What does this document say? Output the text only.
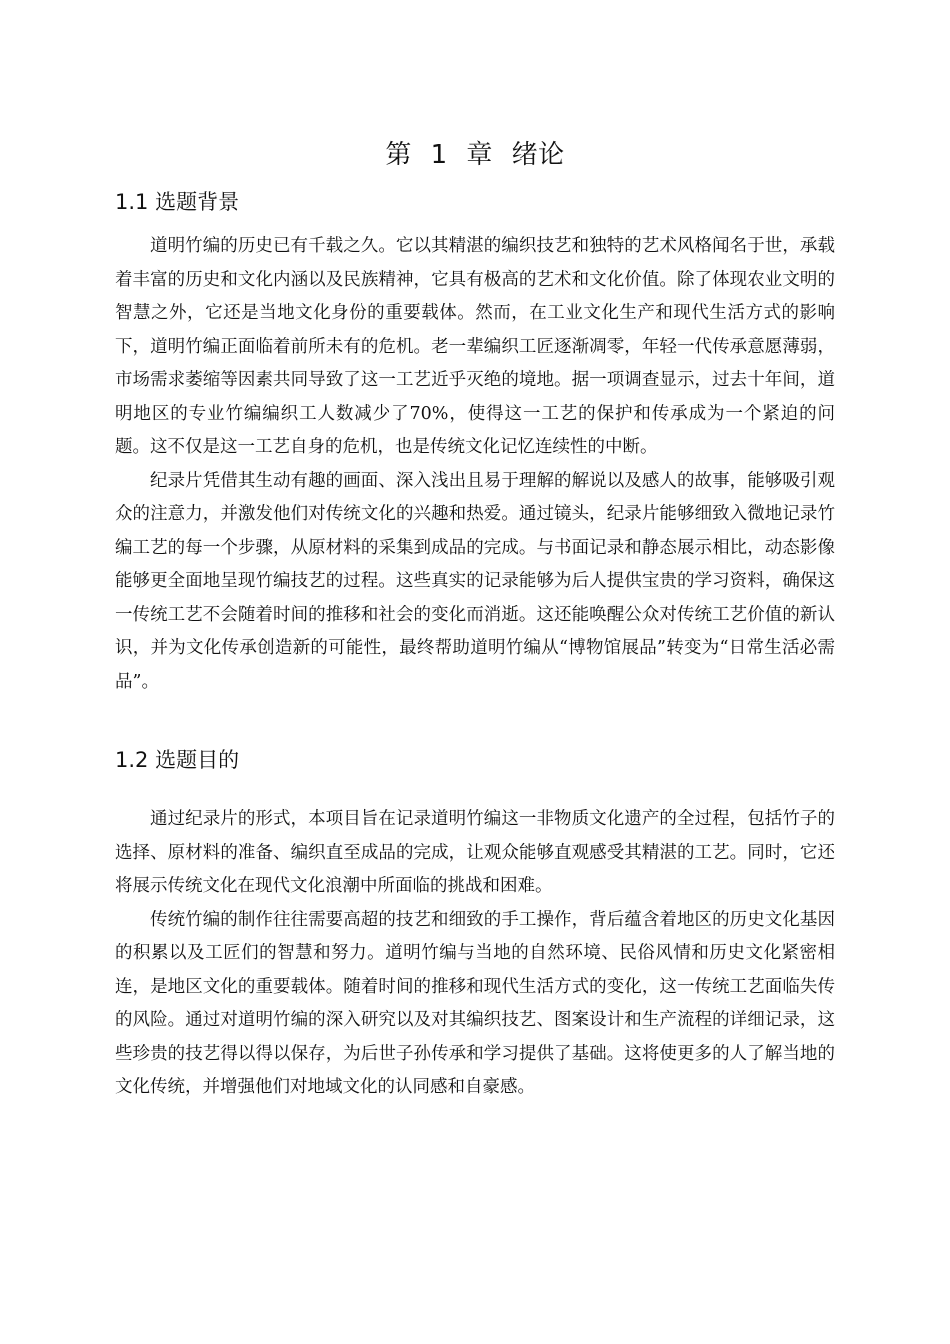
第 1 章 绪论
1.1 选题背景

道明竹编的历史已有千载之久。它以其精湛的编织技艺和独特的艺术风格闻名于世，承载着丰富的历史和文化内涵以及民族精神，它具有极高的艺术和文化价值。除了体现农业文明的智慧之外，它还是当地文化身份的重要载体。然而，在工业文化生产和现代生活方式的影响下，道明竹编正面临着前所未有的危机。老一辈编织工匠逐渐凋零，年轻一代传承意愿薄弱，市场需求萎缩等因素共同导致了这一工艺近乎灭绝的境地。据一项调查显示，过去十年间，道明地区的专业竹编编织工人数减少了70%，使得这一工艺的保护和传承成为一个紧迫的问题。这不仅是这一工艺自身的危机，也是传统文化记忆连续性的中断。

纪录片凭借其生动有趣的画面、深入浅出且易于理解的解说以及感人的故事，能够吸引观众的注意力，并激发他们对传统文化的兴趣和热爱。通过镜头，纪录片能够细致入微地记录竹编工艺的每一个步骤，从原材料的采集到成品的完成。与书面记录和静态展示相比，动态影像能够更全面地呈现竹编技艺的过程。这些真实的记录能够为后人提供宝贵的学习资料，确保这一传统工艺不会随着时间的推移和社会的变化而消逝。这还能唤醒公众对传统工艺价值的新认识，并为文化传承创造新的可能性，最终帮助道明竹编从“博物馆展品”转变为“日常生活必需品”。

1.2 选题目的

通过纪录片的形式，本项目旨在记录道明竹编这一非物质文化遗产的全过程，包括竹子的选择、原材料的准备、编织直至成品的完成，让观众能够直观感受其精湛的工艺。同时，它还将展示传统文化在现代文化浪潮中所面临的挑战和困难。

传统竹编的制作往往需要高超的技艺和细致的手工操作，背后蕴含着地区的历史文化基因的积累以及工匠们的智慧和努力。道明竹编与当地的自然环境、民俗风情和历史文化紧密相连，是地区文化的重要载体。随着时间的推移和现代生活方式的变化，这一传统工艺面临失传的风险。通过对道明竹编的深入研究以及对其编织技艺、图案设计和生产流程的详细记录，这些珍贵的技艺得以得以保存，为后世子孙传承和学习提供了基础。这将使更多的人了解当地的文化传统，并增强他们对地域文化的认同感和自豪感。
